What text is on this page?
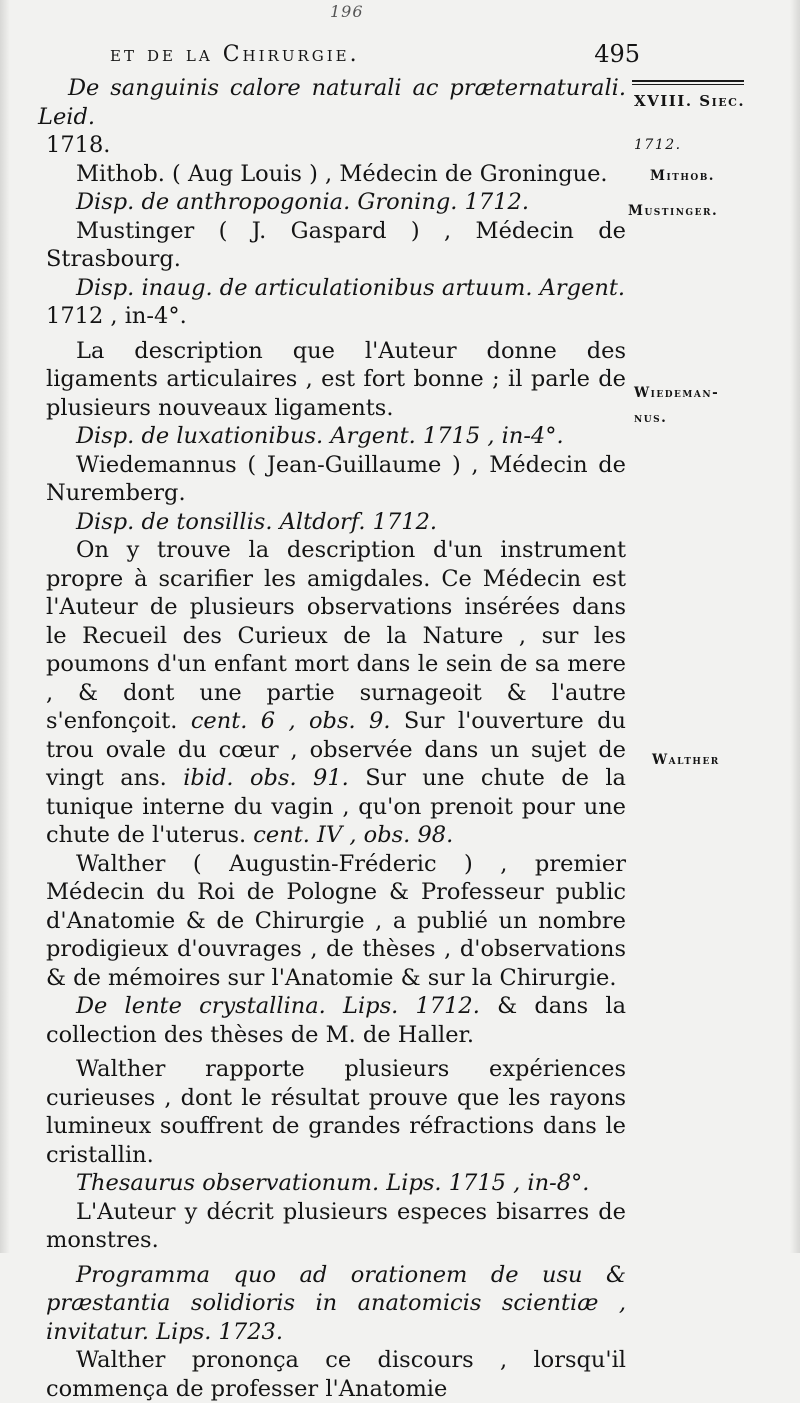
196
et de la Chirurgie.	495
XVIII. Siec.
1712.
Mithob.
Mustinger.
Wiedeman-
nus.
Walther

De sanguinis calore naturali ac præternaturali. Leid.

1718.

Mithob. ( Aug Louis ) , Médecin de Groningue.

Disp. de anthropogonia. Groning. 1712.

Mustinger ( J. Gaspard ) , Médecin de Strasbourg.

Disp. inaug. de articulationibus artuum. Argent.

1712 , in-4°.

La description que l'Auteur donne des ligaments articulaires , est fort bonne ; il parle de plusieurs nouveaux ligaments.

Disp. de luxationibus. Argent. 1715 , in-4°.

Wiedemannus ( Jean-Guillaume ) , Médecin de Nuremberg.

Disp. de tonsillis. Altdorf. 1712.

On y trouve la description d'un instrument propre à scarifier les amigdales. Ce Médecin est l'Auteur de plusieurs observations insérées dans le Recueil des Curieux de la Nature , sur les poumons d'un enfant mort dans le sein de sa mere , & dont une partie surnageoit & l'autre s'enfonçoit. cent. 6 , obs. 9. Sur l'ouverture du trou ovale du cœur , observée dans un sujet de vingt ans. ibid. obs. 91. Sur une chute de la tunique interne du vagin , qu'on prenoit pour une chute de l'uterus. cent. IV , obs. 98.

Walther ( Augustin-Fréderic ) , premier Médecin du Roi de Pologne & Professeur public d'Anatomie & de Chirurgie , a publié un nombre prodigieux d'ouvrages , de thèses , d'observations & de mémoires sur l'Anatomie & sur la Chirurgie.

De lente crystallina. Lips. 1712. & dans la collection des thèses de M. de Haller.

Walther rapporte plusieurs expériences curieuses , dont le résultat prouve que les rayons lumineux souffrent de grandes réfractions dans le cristallin.

Thesaurus observationum. Lips. 1715 , in-8°.

L'Auteur y décrit plusieurs especes bisarres de monstres.

Programma quo ad orationem de usu & præstantia solidioris in anatomicis scientiæ , invitatur. Lips. 1723.

Walther prononça ce discours , lorsqu'il commença de professer l'Anatomie
